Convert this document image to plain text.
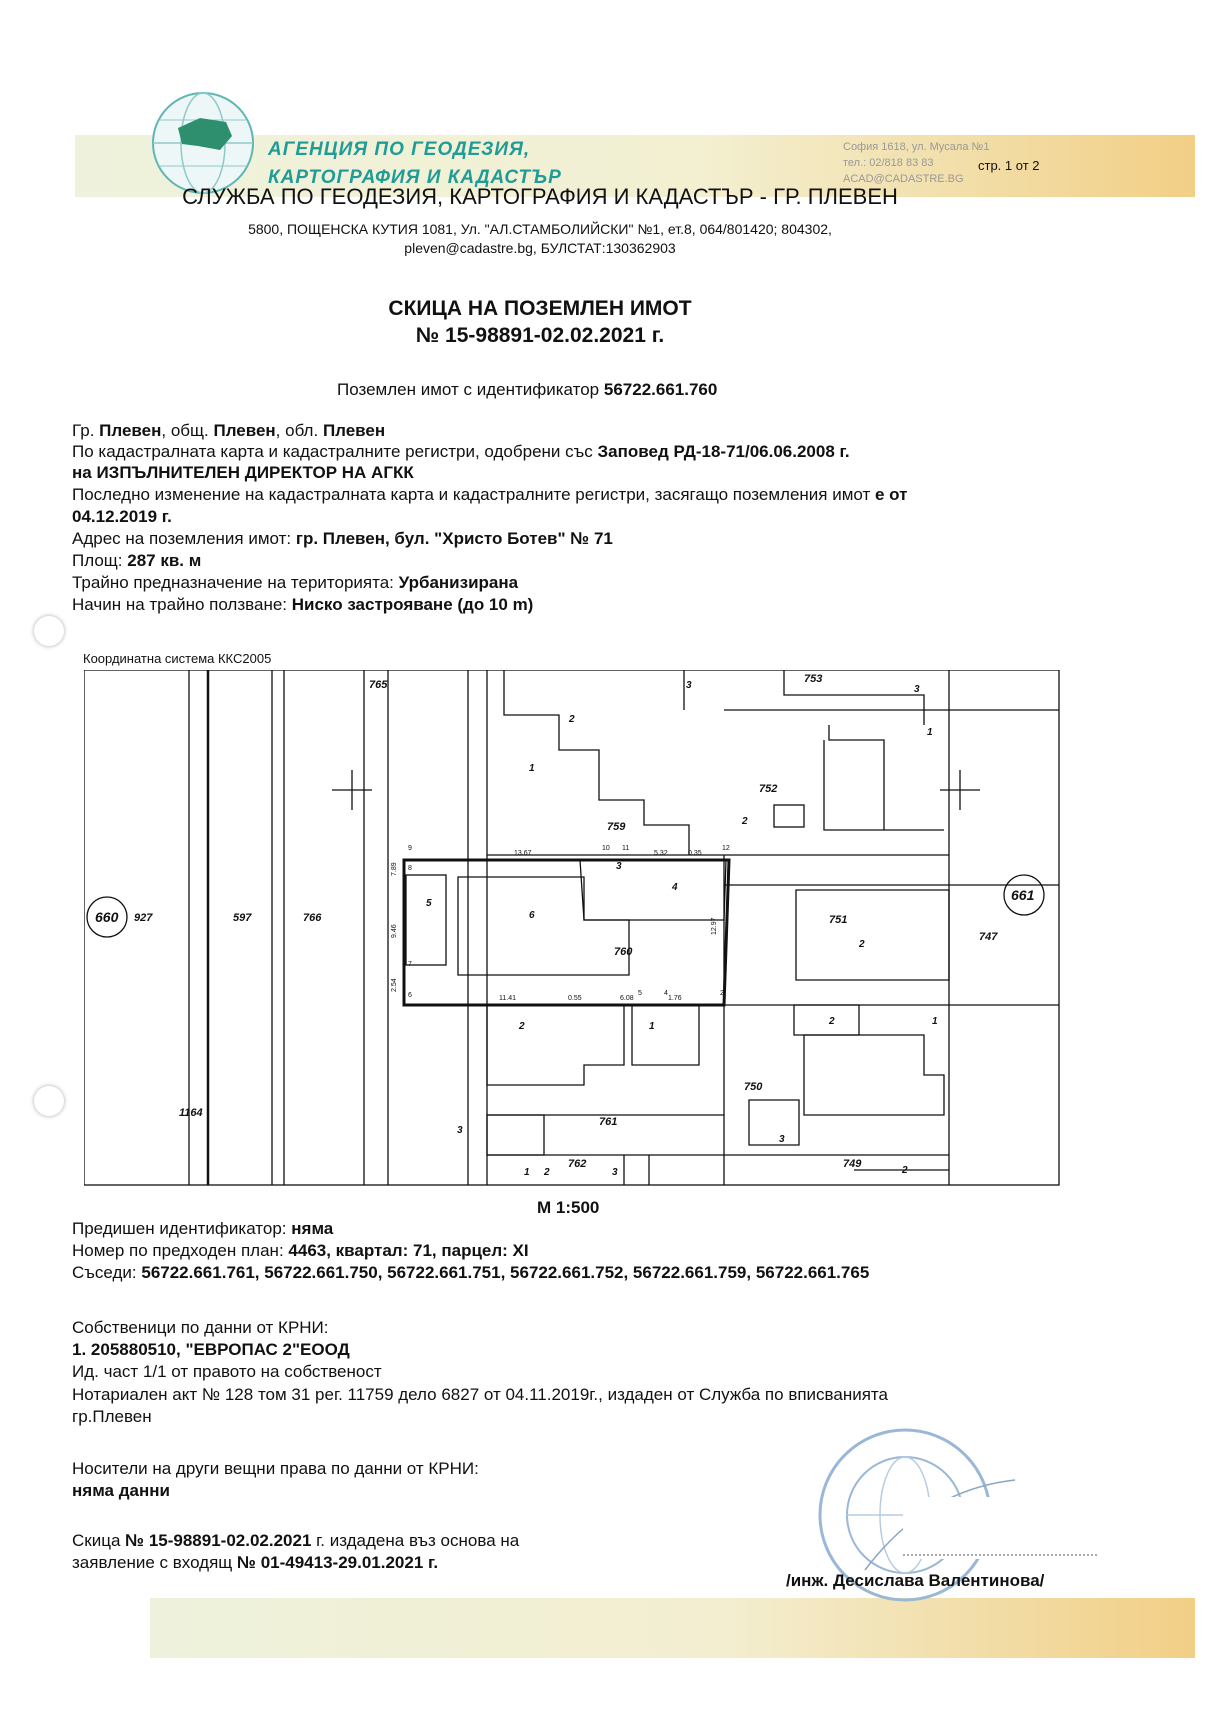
АГЕНЦИЯ ПО ГЕОДЕЗИЯ,
КАРТОГРАФИЯ И КАДАСТЪР
София 1618, ул. Мусала №1
тел.: 02/818 83 83
ACAD@CADASTRE.BG
стр. 1 от 2
СЛУЖБА ПО ГЕОДЕЗИЯ, КАРТОГРАФИЯ И КАДАСТЪР - ГР. ПЛЕВЕН
5800, ПОЩЕНСКА КУТИЯ 1081, Ул. "АЛ.СТАМБОЛИЙСКИ" №1, ет.8, 064/801420; 804302,
pleven@cadastre.bg, БУЛСТАТ:130362903
СКИЦА НА ПОЗЕМЛЕН ИМОТ
№ 15-98891-02.02.2021 г.
Поземлен имот с идентификатор 56722.661.760
Гр. Плевен, общ. Плевен, обл. Плевен
По кадастралната карта и кадастралните регистри, одобрени със Заповед РД-18-71/06.06.2008 г.
на ИЗПЪЛНИТЕЛЕН ДИРЕКТОР НА АГКК
Последно изменение на кадастралната карта и кадастралните регистри, засягащо поземления имот е от
04.12.2019 г.
Адрес на поземления имот: гр. Плевен, бул. "Христо Ботев" № 71
Площ: 287 кв. м
Трайно предназначение на територията: Урбанизирана
Начин на трайно ползване: Ниско застрояване (до 10 m)
Координатна система ККС2005
765	753
752
759
927	597	766
760
751
747
750
761
762	749
1164
660
661
2
1
3	3
1
2
5
6
4
3
2
2	1	2	1
3
3
1 2	3	2
13.67	5.32	0.35
11.41	0.55	6.08	1.76
7.89
9.46
2.54
12.97
9
8
7
6
10 11
5	4
12
2
М 1:500
Предишен идентификатор: няма
Номер по предходен план: 4463, квартал: 71, парцел: XI
Съседи: 56722.661.761, 56722.661.750, 56722.661.751, 56722.661.752, 56722.661.759, 56722.661.765
Собственици по данни от КРНИ:
1. 205880510, "ЕВРОПАС 2"ЕООД
Ид. част 1/1 от правото на собственост
Нотариален акт № 128 том 31 рег. 11759 дело 6827 от 04.11.2019г., издаден от Служба по вписванията
гр.Плевен
Носители на други вещни права по данни от КРНИ:
няма данни
Скица № 15-98891-02.02.2021 г. издадена въз основа на
заявление с входящ № 01-49413-29.01.2021 г.
/инж. Десислава Валентинова/
